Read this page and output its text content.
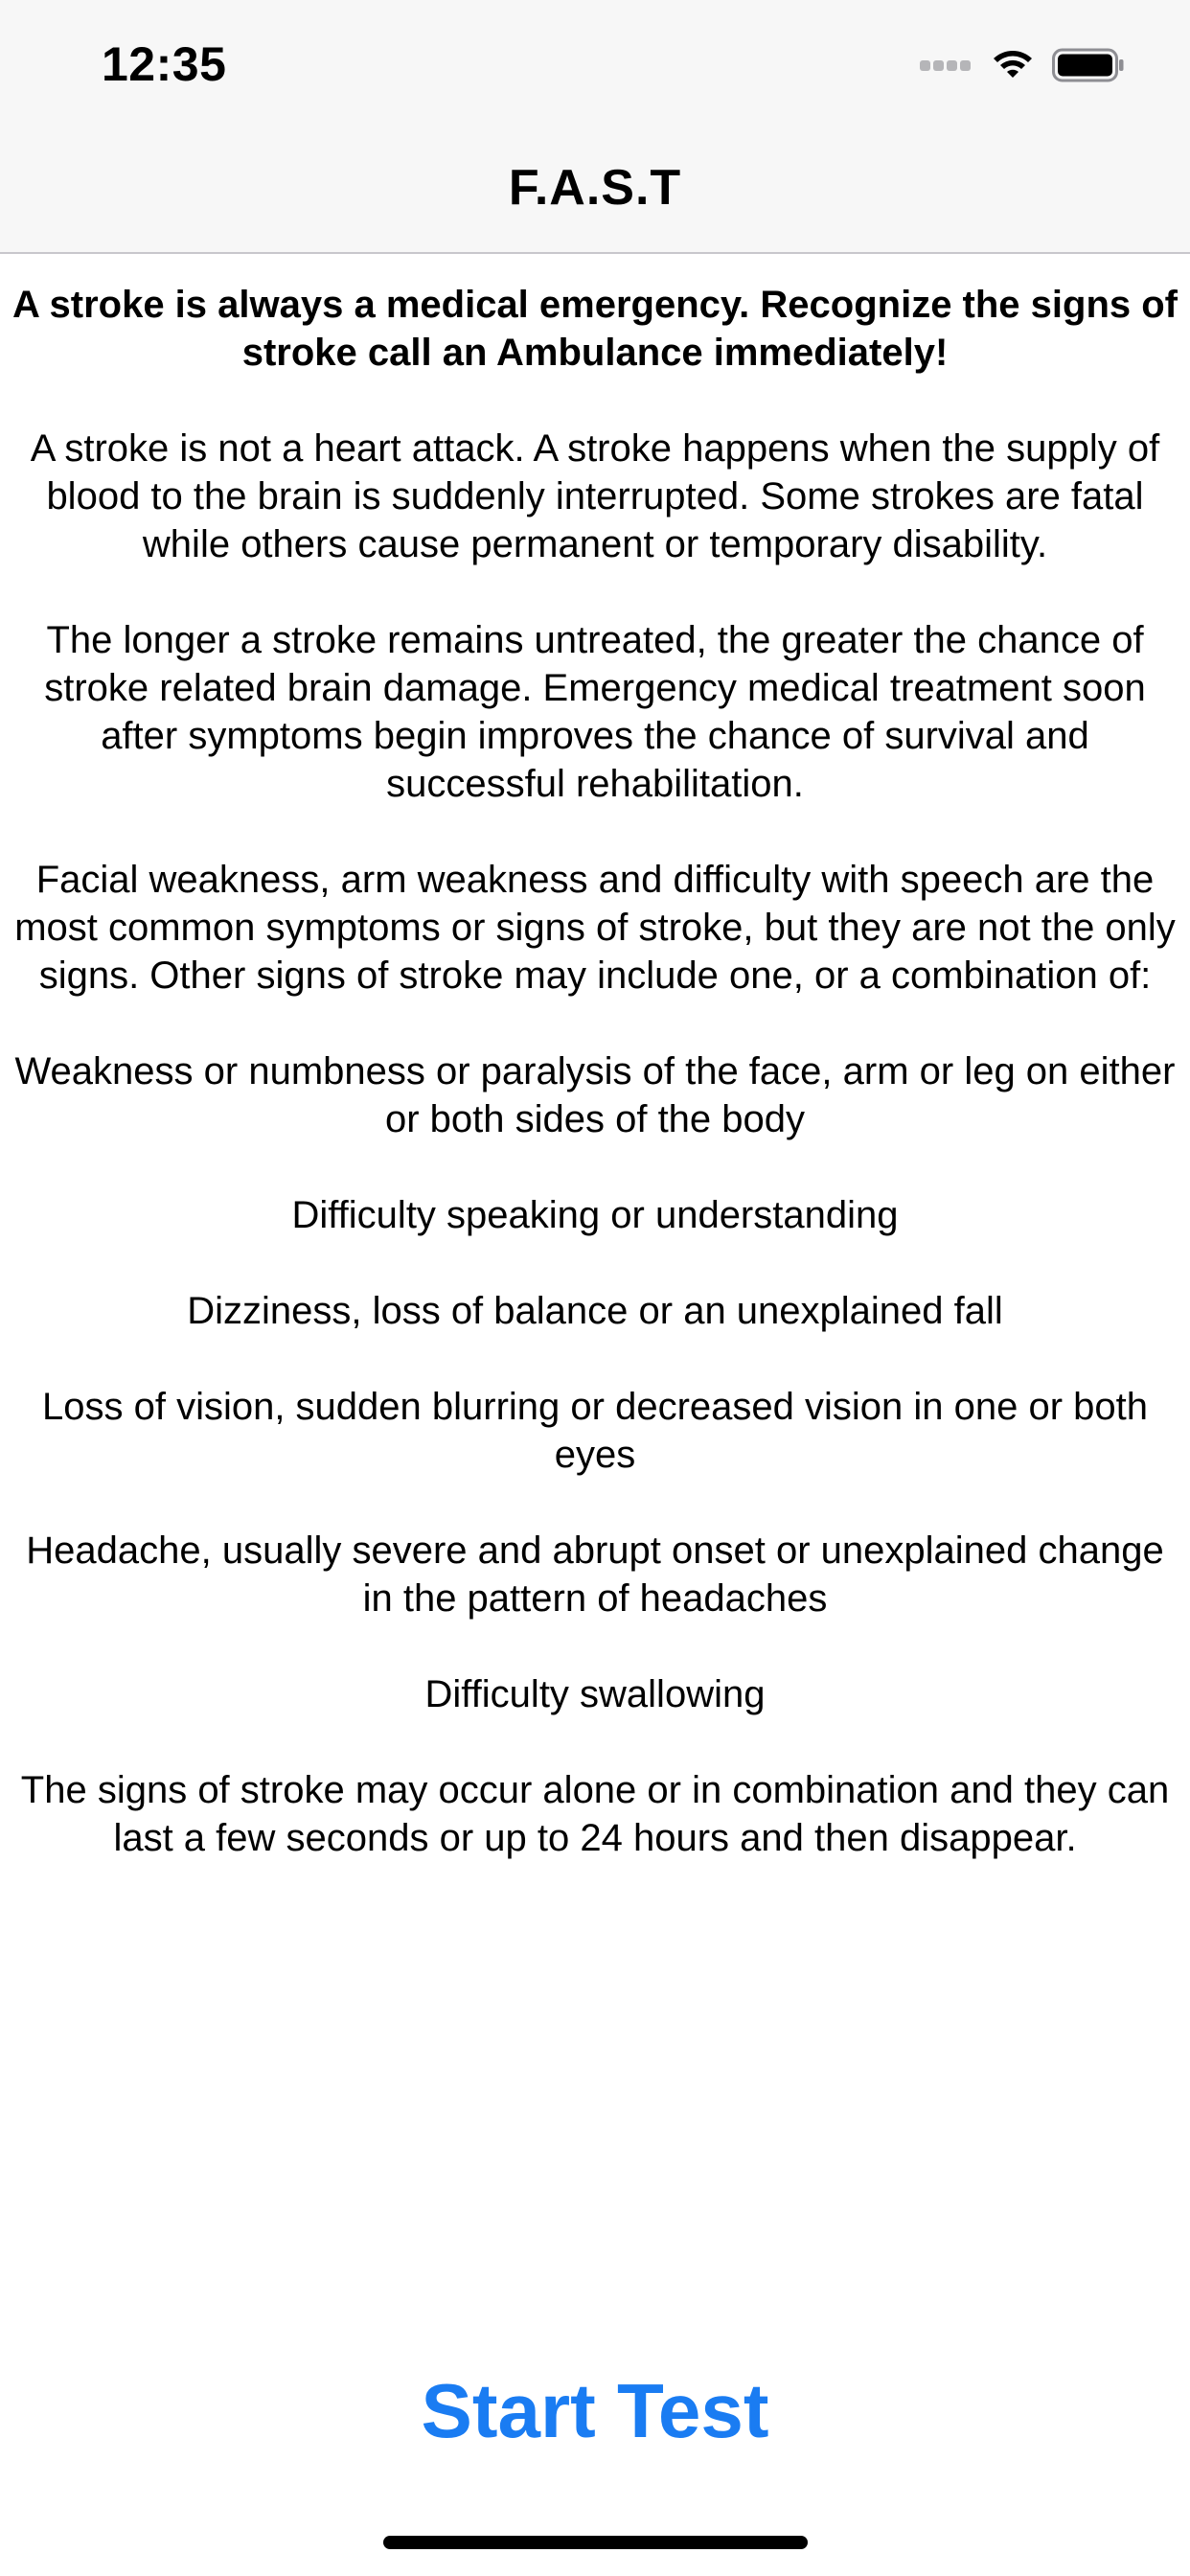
12:35
F.A.S.T

A stroke is always a medical emergency. Recognize the signs of stroke call an Ambulance immediately!

A stroke is not a heart attack. A stroke happens when the supply of blood to the brain is suddenly interrupted. Some strokes are fatal while others cause permanent or temporary disability.

The longer a stroke remains untreated, the greater the chance of stroke related brain damage. Emergency medical treatment soon after symptoms begin improves the chance of survival and successful rehabilitation.

Facial weakness, arm weakness and difficulty with speech are the most common symptoms or signs of stroke, but they are not the only signs. Other signs of stroke may include one, or a combination of:

Weakness or numbness or paralysis of the face, arm or leg on either or both sides of the body

Difficulty speaking or understanding

Dizziness, loss of balance or an unexplained fall

Loss of vision, sudden blurring or decreased vision in one or both eyes

Headache, usually severe and abrupt onset or unexplained change in the pattern of headaches

Difficulty swallowing

The signs of stroke may occur alone or in combination and they can last a few seconds or up to 24 hours and then disappear.

Start Test
